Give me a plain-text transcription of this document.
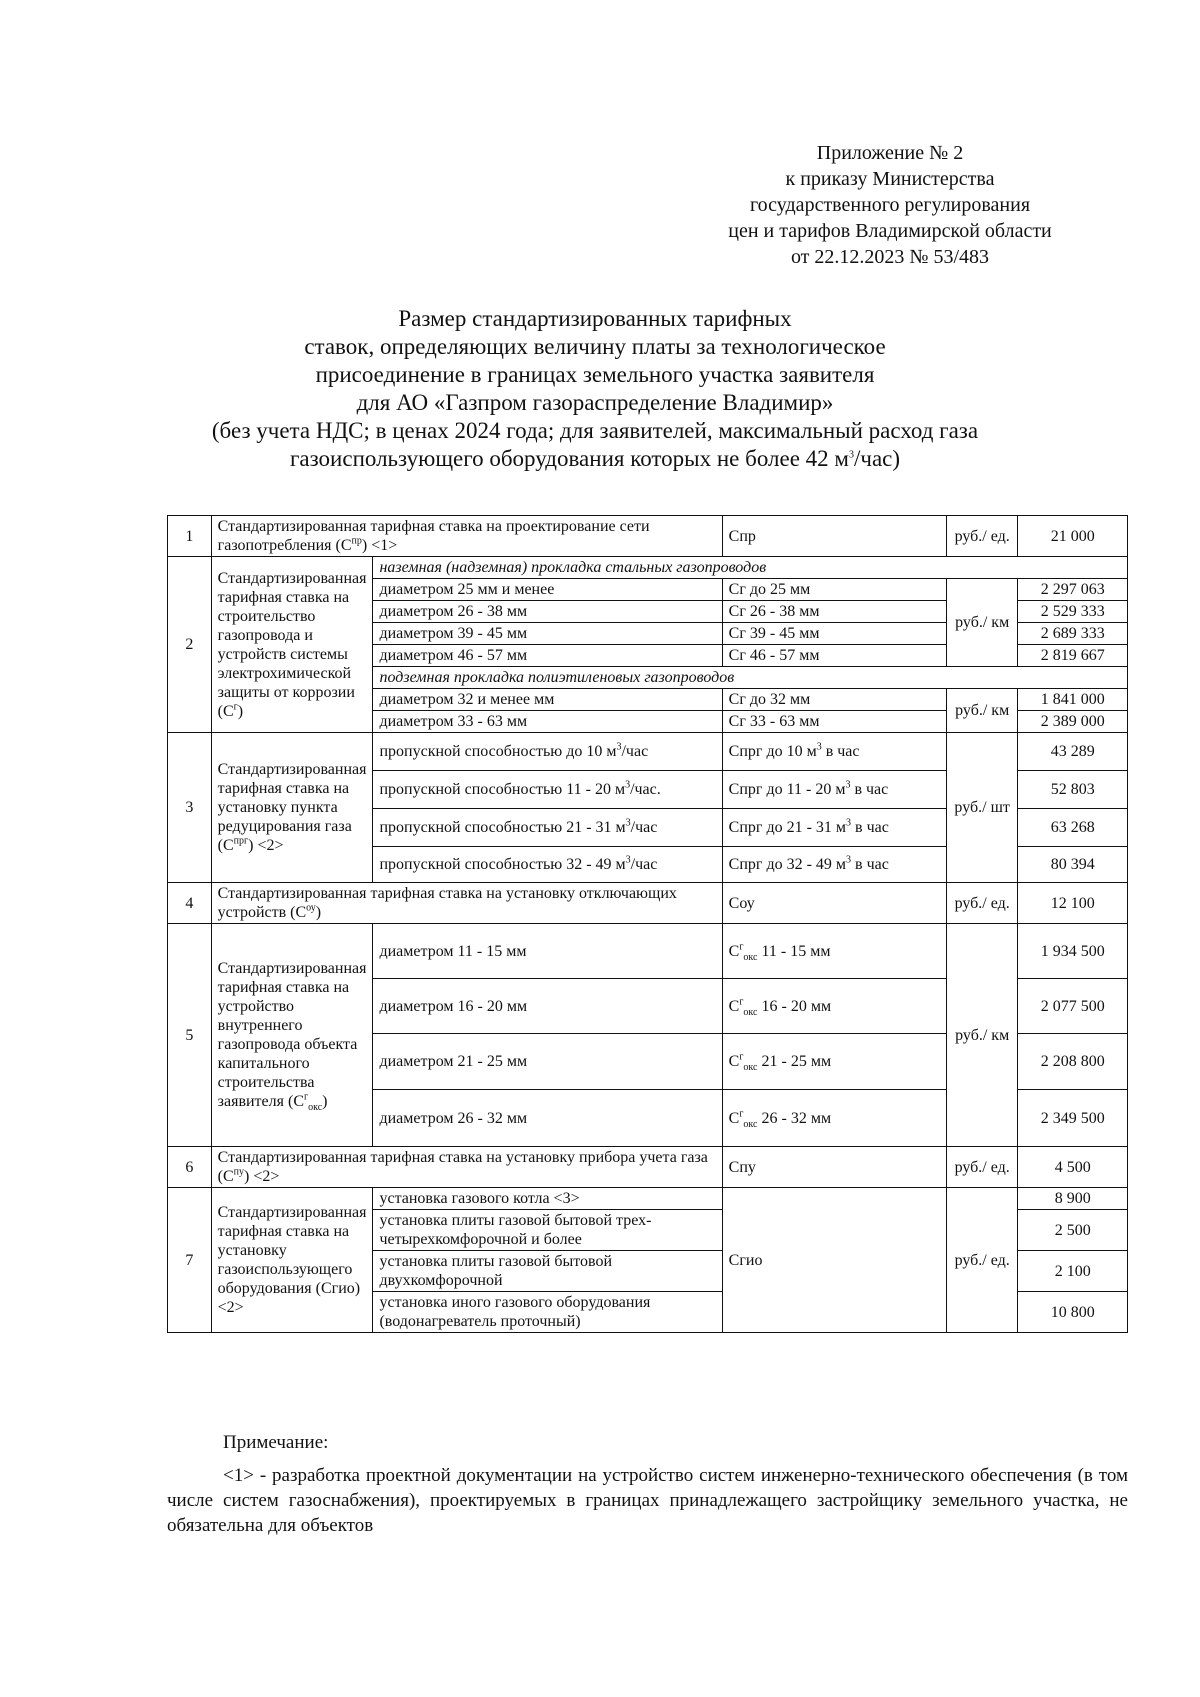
Приложение № 2
к приказу Министерства
государственного регулирования
цен и тарифов Владимирской области
от 22.12.2023 № 53/483
Размер стандартизированных тарифных
ставок, определяющих величину платы за технологическое
присоединение в границах земельного участка заявителя
для АО «Газпром газораспределение Владимир»
(без учета НДС; в ценах 2024 года; для заявителей, максимальный расход газа
газоиспользующего оборудования которых не более 42 $м^3/час$)
1	Стандартизированная тарифная ставка на проектирование сети газопотребления $(С^{пр}) <1>$		Спр	руб./ ед.	21 000
2	Стандартизированная тарифная ставка на строительство газопровода и устройств системы электрохимической защиты от коррозии $(С^г)$	наземная (надземная) прокладка стальных газопроводов			
		диаметром 25 мм и менее	Сг до 25 мм	руб./ км	2 297 063
		диаметром 26 - 38 мм	Сг 26 - 38 мм		2 529 333
		диаметром 39 - 45 мм	Сг 39 - 45 мм		2 689 333
		диаметром 46 - 57 мм	Сг 46 - 57 мм		2 819 667
		подземная прокладка полиэтиленовых газопроводов			
		диаметром 32 и менее мм	Сг до 32 мм	руб./ км	1 841 000
		диаметром 33 - 63 мм	Сг 33 - 63 мм		2 389 000

3	Стандартизированная тарифная ставка на установку пункта редуцирования газа $(С^{прг}) <2>$	пропускной способностью до 10 $м^3$/час	Спрг до 10 $м^3$ в час	руб./ шт	43 289
		пропускной способностью 11 - 20 $м^3$/час.	Спрг до 11 - 20 $м^3$ в час		52 803
		пропускной способностью 21 - 31 $м^3$/час	Спрг до 21 - 31 $м^3$ в час		63 268
		пропускной способностью 32 - 49 $м^3$/час	Спрг до 32 - 49 $м^3$ в час		80 394
4	Стандартизированная тарифная ставка на установку отключающих устройств $(С^{оу})$		Соу	руб./ ед.	12 100
5	Стандартизированная тарифная ставка на устройство внутреннего газопровода объекта капитального строительства заявителя $(С^г_{окс})$	диаметром 11 - 15 мм	$С^г_{окс}$ 11 - 15 мм	руб./ км	1 934 500
		диаметром 16 - 20 мм	$С^г_{окс}$ 16 - 20 мм		2 077 500
		диаметром 21 - 25 мм	$С^г_{окс}$ 21 - 25 мм		2 208 800
		диаметром 26 - 32 мм	$С^г_{окс}$ 26 - 32 мм		2 349 500
6	Стандартизированная тарифная ставка на установку прибора учета газа $(С^{пу}) <2>$		Спу	руб./ ед.	4 500
7	Стандартизированная тарифная ставка на установку газоиспользующего оборудования (Сгио) <2>	установка газового котла <3>	Сгио	руб./ ед.	8 900
		установка плиты газовой бытовой трех-четырехкомфорочной и более			2 500
		установка плиты газовой бытовой двухкомфорочной			2 100
		установка иного газового оборудования (водонагреватель проточный)			10 800
Примечание:

<1> - разработка проектной документации на устройство систем инженерно-технического обеспечения (в том числе систем газоснабжения), проектируемых в границах принадлежащего застройщику земельного участка, не обязательна для объектов
